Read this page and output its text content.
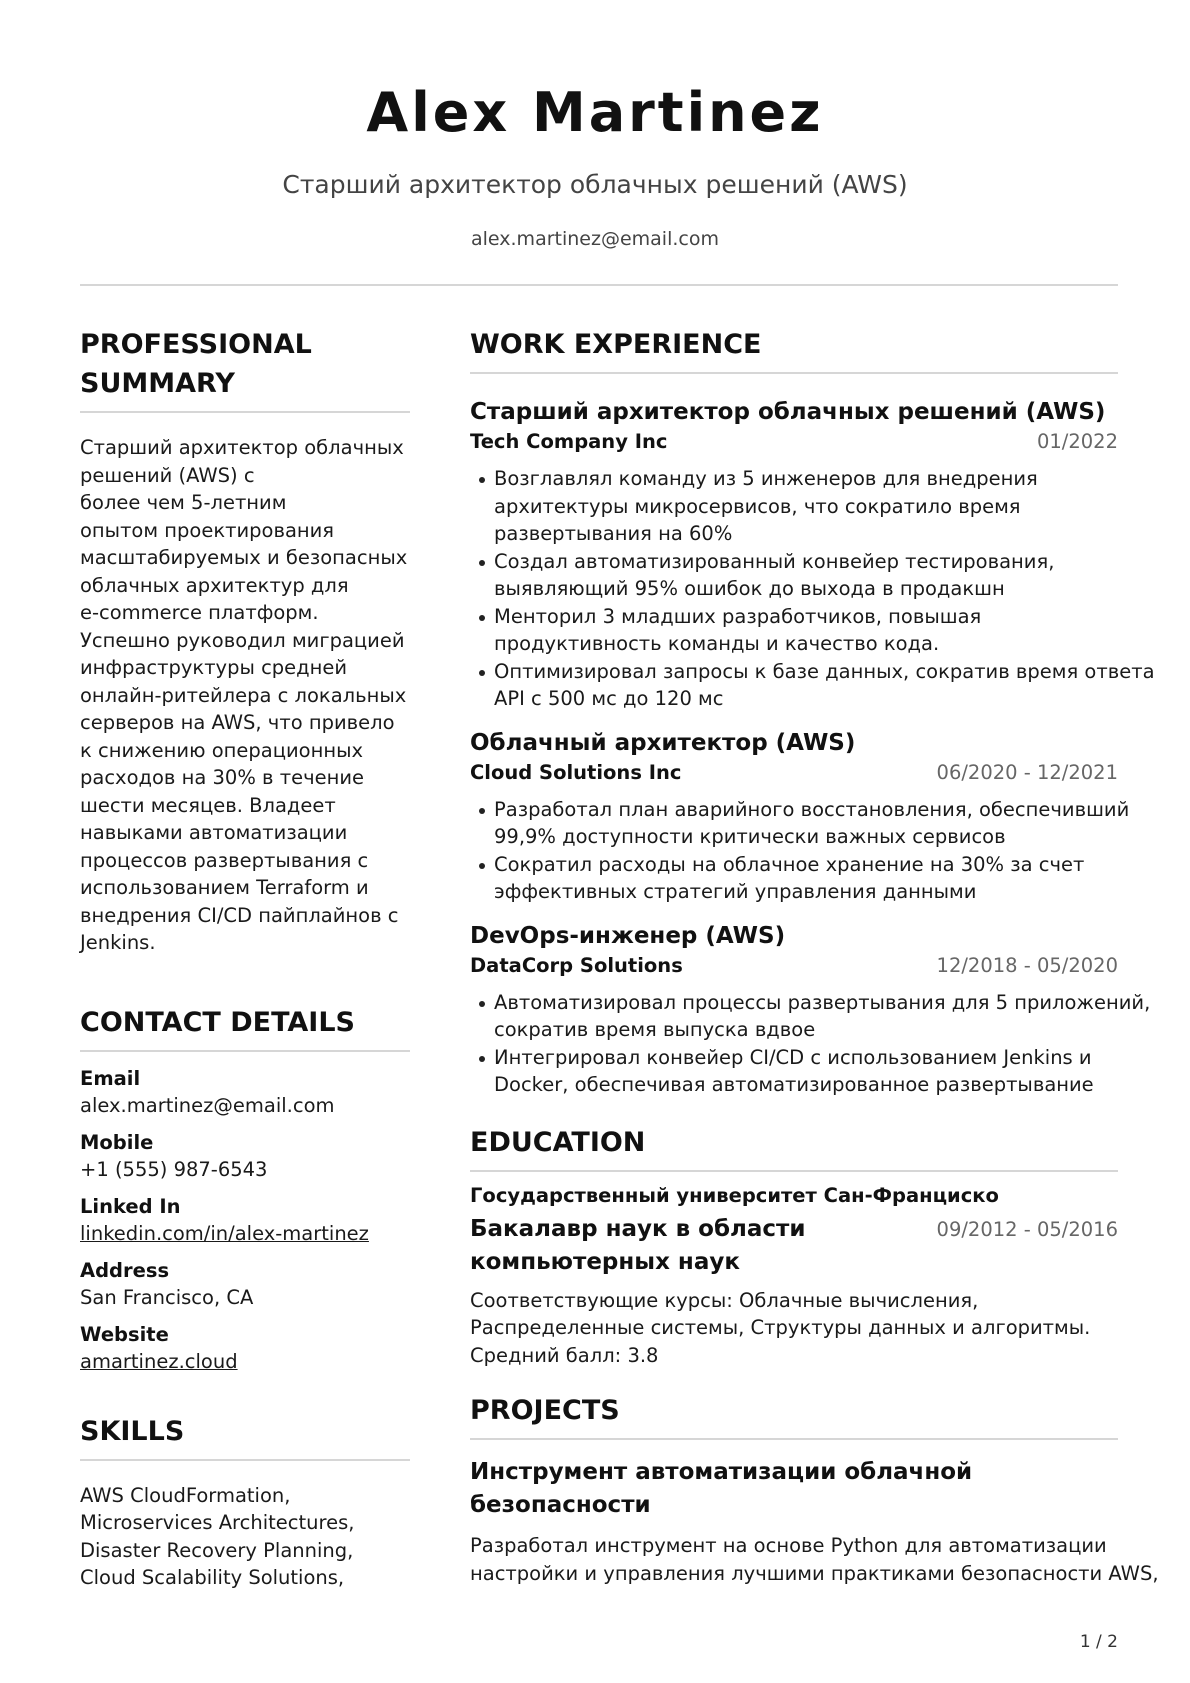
Alex Martinez
Старший архитектор облачных решений (AWS)
alex.martinez@email.com
PROFESSIONAL
SUMMARY
Старший архитектор облачных
решений (AWS) с
более чем 5-летним
опытом проектирования
масштабируемых и безопасных
облачных архитектур для
e-commerce платформ.
Успешно руководил миграцией
инфраструктуры средней
онлайн-ритейлера с локальных
серверов на AWS, что привело
к снижению операционных
расходов на 30% в течение
шести месяцев. Владеет
навыками автоматизации
процессов развертывания с
использованием Terraform и
внедрения CI/CD пайплайнов с
Jenkins.
CONTACT DETAILS
Email
alex.martinez@email.com
Mobile
+1 (555) 987-6543
Linked In
linkedin.com/in/alex-martinez
Address
San Francisco, CA
Website
amartinez.cloud
SKILLS
AWS CloudFormation,
Microservices Architectures,
Disaster Recovery Planning,
Cloud Scalability Solutions,
WORK EXPERIENCE
Старший архитектор облачных решений (AWS)
Tech Company Inc	01/2022
Возглавлял команду из 5 инженеров для внедрения
архитектуры микросервисов, что сократило время
развертывания на 60%
Создал автоматизированный конвейер тестирования,
выявляющий 95% ошибок до выхода в продакшн
Менторил 3 младших разработчиков, повышая
продуктивность команды и качество кода.
Оптимизировал запросы к базе данных, сократив время ответа
API с 500 мс до 120 мс
Облачный архитектор (AWS)
Cloud Solutions Inc	06/2020 - 12/2021
Разработал план аварийного восстановления, обеспечивший
99,9% доступности критически важных сервисов
Сократил расходы на облачное хранение на 30% за счет
эффективных стратегий управления данными
DevOps-инженер (AWS)
DataCorp Solutions	12/2018 - 05/2020
Автоматизировал процессы развертывания для 5 приложений,
сократив время выпуска вдвое
Интегрировал конвейер CI/CD с использованием Jenkins и
Docker, обеспечивая автоматизированное развертывание
EDUCATION
Государственный университет Сан-Франциско
Бакалавр наук в области
компьютерных наук
09/2012 - 05/2016
Соответствующие курсы: Облачные вычисления,
Распределенные системы, Структуры данных и алгоритмы.
Средний балл: 3.8
PROJECTS
Инструмент автоматизации облачной
безопасности
Разработал инструмент на основе Python для автоматизации
настройки и управления лучшими практиками безопасности AWS,
1 / 2
